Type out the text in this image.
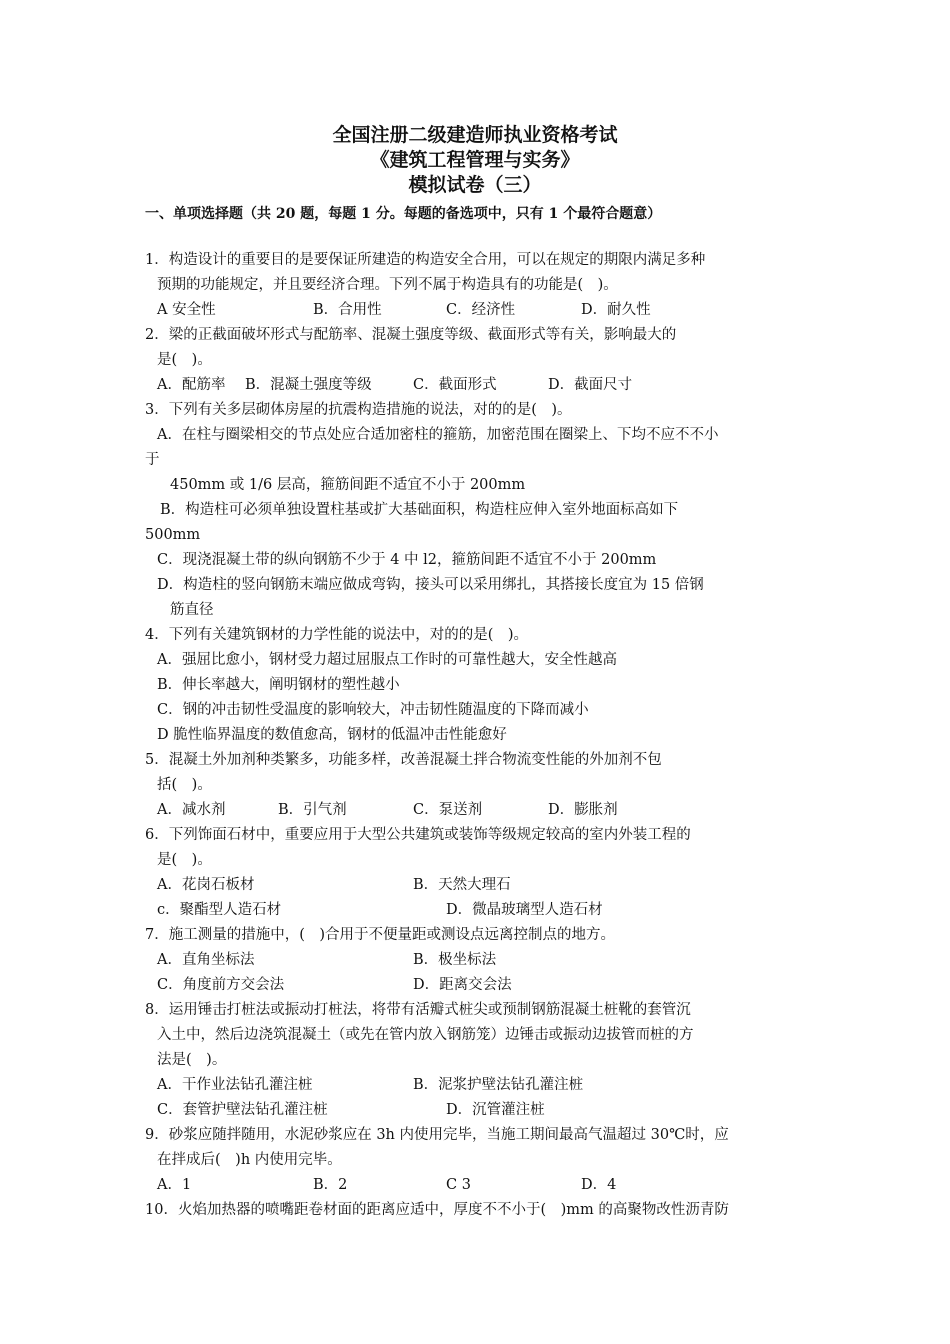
全国注册二级建造师执业资格考试
《建筑工程管理与实务》
模拟试卷（三）
一、单项选择题（共 20 题，每题 1 分。每题的备选项中，只有 1 个最符合题意）
1．构造设计的重要目的是要保证所建造的构造安全合用，可以在规定的期限内满足多种
预期的功能规定，并且要经济合理。下列不属于构造具有的功能是(　)。
A 安全性	B．合用性	C．经济性	D．耐久性
2．梁的正截面破坏形式与配筋率、混凝土强度等级、截面形式等有关，影响最大的
是(　)。
A．配筋率 B．混凝土强度等级	C．截面形式	D．截面尺寸
3．下列有关多层砌体房屋的抗震构造措施的说法，对的的是(　)。
A．在柱与圈梁相交的节点处应合适加密柱的箍筋，加密范围在圈梁上、下均不应不不小
于
450mm 或 1/6 层高，箍筋间距不适宜不小于 200mm
B．构造柱可必须单独设置柱基或扩大基础面积，构造柱应伸入室外地面标高如下
500mm
C．现浇混凝土带的纵向钢筋不少于 4 中 l2，箍筋间距不适宜不小于 200mm
D．构造柱的竖向钢筋末端应做成弯钩，接头可以采用绑扎，其搭接长度宜为 15 倍钢
筋直径
4．下列有关建筑钢材的力学性能的说法中，对的的是(　)。
A．强屈比愈小，钢材受力超过屈服点工作时的可靠性越大，安全性越高
B．伸长率越大，阐明钢材的塑性越小
C．钢的冲击韧性受温度的影响较大，冲击韧性随温度的下降而减小
D 脆性临界温度的数值愈高，钢材的低温冲击性能愈好
5．混凝土外加剂种类繁多，功能多样，改善混凝土拌合物流变性能的外加剂不包
括(　)。
A．减水剂	B．引气剂	C．泵送剂	D．膨胀剂
6．下列饰面石材中，重要应用于大型公共建筑或装饰等级规定较高的室内外装工程的
是(　)。
A．花岗石板材	B．天然大理石
c．聚酯型人造石材	D．微晶玻璃型人造石材
7．施工测量的措施中，(　)合用于不便量距或测设点远离控制点的地方。
A．直角坐标法	B．极坐标法
C．角度前方交会法	D．距离交会法
8．运用锤击打桩法或振动打桩法，将带有活瓣式桩尖或预制钢筋混凝土桩靴的套管沉
入土中，然后边浇筑混凝土（或先在管内放入钢筋笼）边锤击或振动边拔管而桩的方
法是(　)。
A．干作业法钻孔灌注桩	B．泥浆护壁法钻孔灌注桩
C．套管护壁法钻孔灌注桩	D．沉管灌注桩
9．砂浆应随拌随用，水泥砂浆应在 3h 内使用完毕，当施工期间最高气温超过 30℃时，应
在拌成后(　)h 内使用完毕。
A．1	B．2	C 3	D．4
10．火焰加热器的喷嘴距卷材面的距离应适中，厚度不不小于(　)mm 的高聚物改性沥青防
